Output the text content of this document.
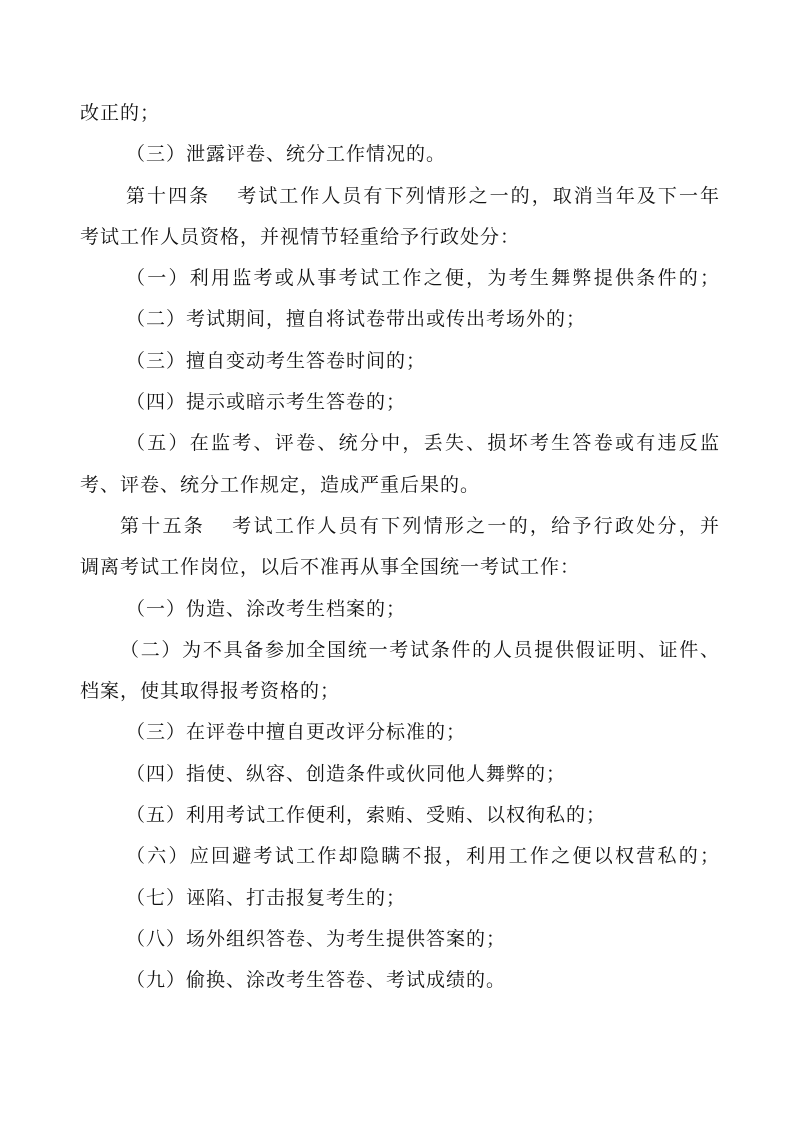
改正的；
（三）泄露评卷、统分工作情况的。
第十四条 考试工作人员有下列情形之一的，取消当年及下一年
考试工作人员资格，并视情节轻重给予行政处分：
（一）利用监考或从事考试工作之便，为考生舞弊提供条件的；
（二）考试期间，擅自将试卷带出或传出考场外的；
（三）擅自变动考生答卷时间的；
（四）提示或暗示考生答卷的；
（五）在监考、评卷、统分中，丢失、损坏考生答卷或有违反监
考、评卷、统分工作规定，造成严重后果的。
第十五条 考试工作人员有下列情形之一的，给予行政处分，并
调离考试工作岗位，以后不准再从事全国统一考试工作：
（一）伪造、涂改考生档案的；
（二）为不具备参加全国统一考试条件的人员提供假证明、证件、
档案，使其取得报考资格的；
（三）在评卷中擅自更改评分标准的；
（四）指使、纵容、创造条件或伙同他人舞弊的；
（五）利用考试工作便利，索贿、受贿、以权徇私的；
（六）应回避考试工作却隐瞒不报，利用工作之便以权营私的；
（七）诬陷、打击报复考生的；
（八）场外组织答卷、为考生提供答案的；
（九）偷换、涂改考生答卷、考试成绩的。
